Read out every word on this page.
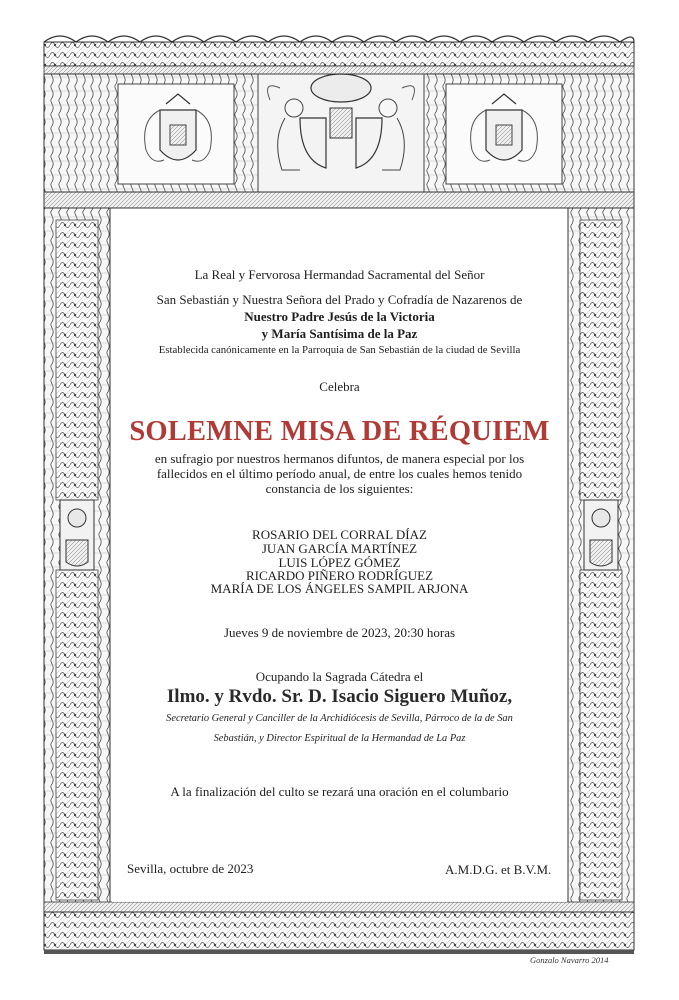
La Real y Fervorosa Hermandad Sacramental del Señor
San Sebastián y Nuestra Señora del Prado y Cofradía de Nazarenos de
Nuestro Padre Jesús de la Victoria
y María Santísima de la Paz
Establecida canónicamente en la Parroquia de San Sebastián de la ciudad de Sevilla
Celebra
SOLEMNE MISA DE RÉQUIEM
en sufragio por nuestros hermanos difuntos, de manera especial por los
fallecidos en el último período anual, de entre los cuales hemos tenido
constancia de los siguientes:
ROSARIO DEL CORRAL DÍAZ
JUAN GARCÍA MARTÍNEZ
LUIS LÓPEZ GÓMEZ
RICARDO PIÑERO RODRÍGUEZ
MARÍA DE LOS ÁNGELES SAMPIL ARJONA
Jueves 9 de noviembre de 2023, 20:30 horas
Ocupando la Sagrada Cátedra el
Ilmo. y Rvdo. Sr. D. Isacio Siguero Muñoz,
Secretario General y Canciller de la Archidiócesis de Sevilla, Párroco de la de San
Sebastián, y Director Espiritual de la Hermandad de La Paz
A la finalización del culto se rezará una oración en el columbario
Sevilla, octubre de 2023	A.M.D.G. et B.V.M.
Gonzalo Navarro 2014
